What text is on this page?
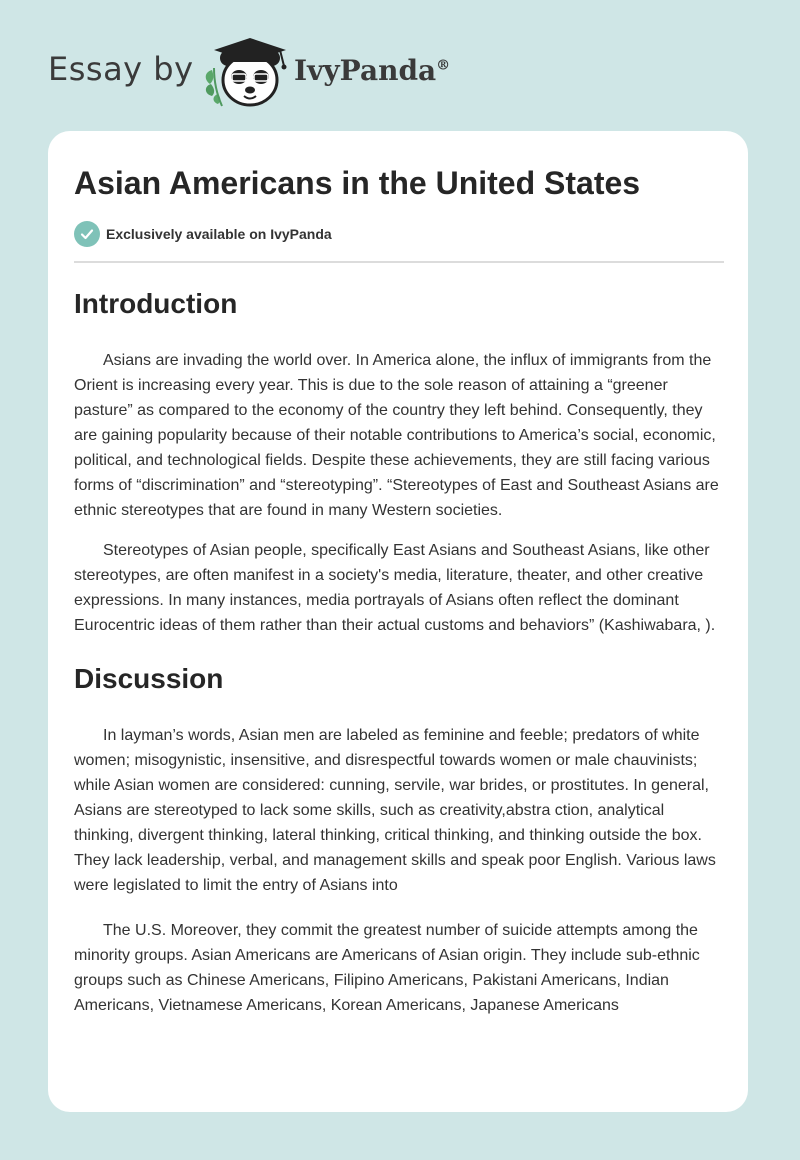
Essay by	IvyPanda®
Asian Americans in the United States
Exclusively available on IvyPanda
Introduction

Asians are invading the world over. In America alone, the influx of immigrants from the Orient is increasing every year. This is due to the sole reason of attaining a “greener pasture” as compared to the economy of the country they left behind. Consequently, they are gaining popularity because of their notable contributions to America’s social, economic, political, and technological fields. Despite these achievements, they are still facing various forms of “discrimination” and “stereotyping”. “Stereotypes of East and Southeast Asians are ethnic stereotypes that are found in many Western societies.

Stereotypes of Asian people, specifically East Asians and Southeast Asians, like other stereotypes, are often manifest in a society's media, literature, theater, and other creative expressions. In many instances, media portrayals of Asians often reflect the dominant Eurocentric ideas of them rather than their actual customs and behaviors” (Kashiwabara, ).

Discussion

In layman’s words, Asian men are labeled as feminine and feeble; predators of white women; misogynistic, insensitive, and disrespectful towards women or male chauvinists; while Asian women are considered: cunning, servile, war brides, or prostitutes. In general, Asians are stereotyped to lack some skills, such as creativity,abstra ction, analytical thinking, divergent thinking, lateral thinking, critical thinking, and thinking outside the box. They lack leadership, verbal, and management skills and speak poor English. Various laws were legislated to limit the entry of Asians into

The U.S. Moreover, they commit the greatest number of suicide attempts among the minority groups. Asian Americans are Americans of Asian origin. They include sub-ethnic groups such as Chinese Americans, Filipino Americans, Pakistani Americans, Indian Americans, Vietnamese Americans, Korean Americans, Japanese Americans
